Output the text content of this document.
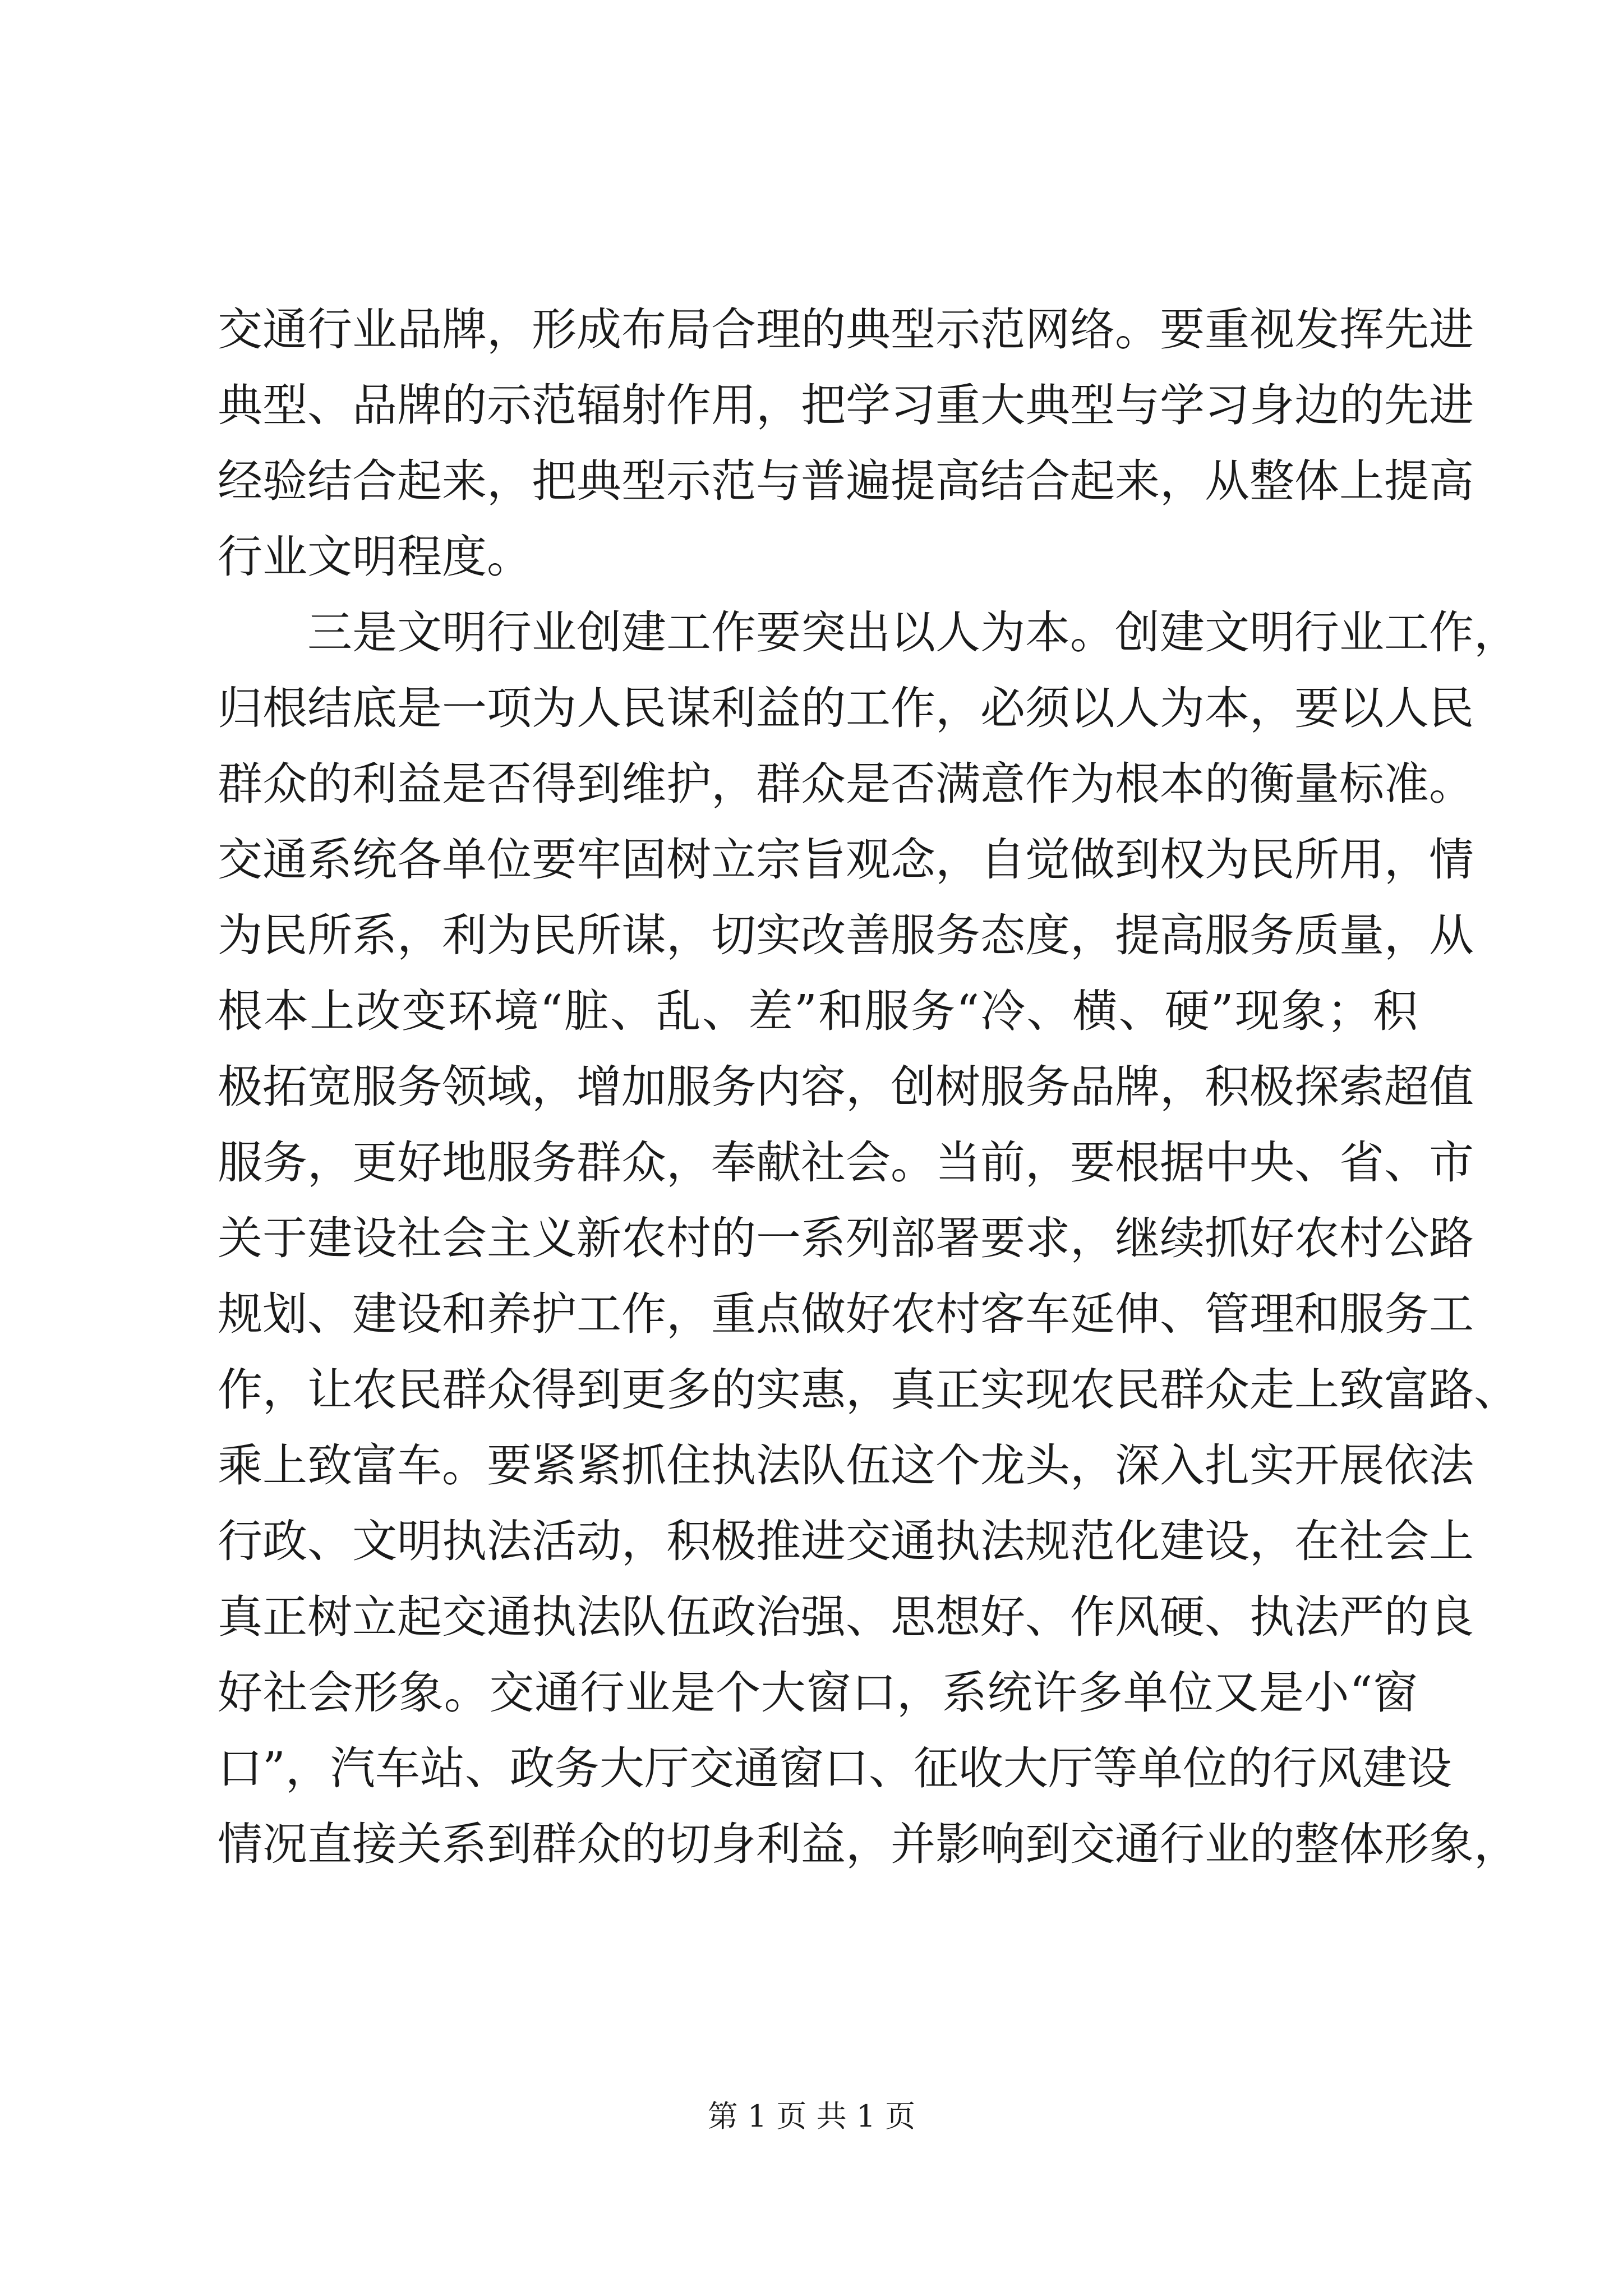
交通行业品牌，形成布局合理的典型示范网络。要重视发挥先进
典型、品牌的示范辐射作用，把学习重大典型与学习身边的先进
经验结合起来，把典型示范与普遍提高结合起来，从整体上提高
行业文明程度。
三是文明行业创建工作要突出以人为本。创建文明行业工作，
归根结底是一项为人民谋利益的工作，必须以人为本，要以人民
群众的利益是否得到维护，群众是否满意作为根本的衡量标准。
交通系统各单位要牢固树立宗旨观念，自觉做到权为民所用，情
为民所系，利为民所谋，切实改善服务态度，提高服务质量，从
根本上改变环境“脏、乱、差”和服务“冷、横、硬”现象；积
极拓宽服务领域，增加服务内容，创树服务品牌，积极探索超值
服务，更好地服务群众，奉献社会。当前，要根据中央、省、市
关于建设社会主义新农村的一系列部署要求，继续抓好农村公路
规划、建设和养护工作，重点做好农村客车延伸、管理和服务工
作，让农民群众得到更多的实惠，真正实现农民群众走上致富路、
乘上致富车。要紧紧抓住执法队伍这个龙头，深入扎实开展依法
行政、文明执法活动，积极推进交通执法规范化建设，在社会上
真正树立起交通执法队伍政治强、思想好、作风硬、执法严的良
好社会形象。交通行业是个大窗口，系统许多单位又是小“窗
口”，汽车站、政务大厅交通窗口、征收大厅等单位的行风建设
情况直接关系到群众的切身利益，并影响到交通行业的整体形象，
第 1 页 共 1 页
